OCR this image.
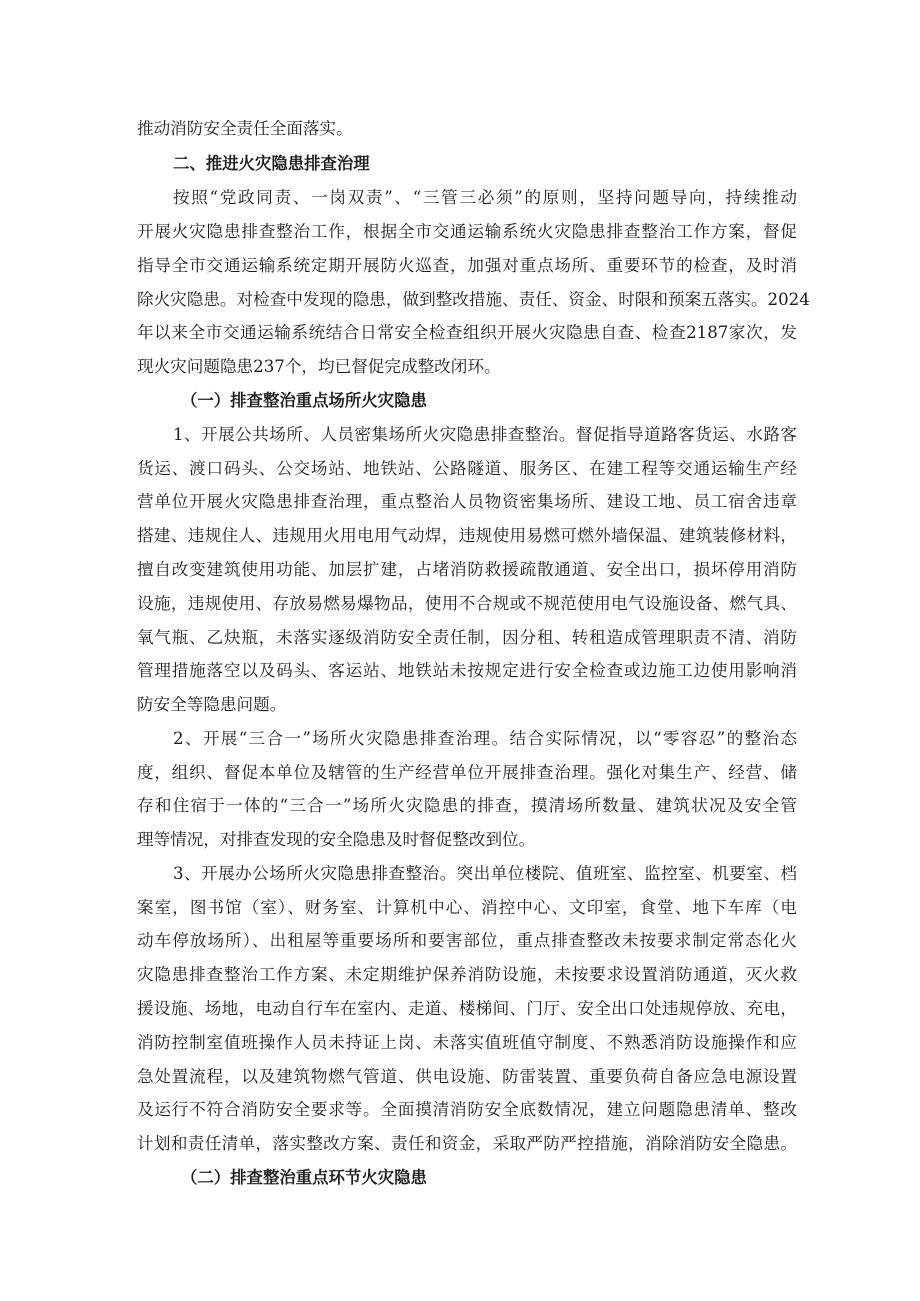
推动消防安全责任全面落实。
二、推进火灾隐患排查治理
按照“党政同责、一岗双责”、“三管三必须”的原则，坚持问题导向，持续推动
开展火灾隐患排查整治工作，根据全市交通运输系统火灾隐患排查整治工作方案，督促
指导全市交通运输系统定期开展防火巡查，加强对重点场所、重要环节的检查，及时消
除火灾隐患。对检查中发现的隐患，做到整改措施、责任、资金、时限和预案五落实。2024
年以来全市交通运输系统结合日常安全检查组织开展火灾隐患自查、检查2187家次，发
现火灾问题隐患237个，均已督促完成整改闭环。
（一）排查整治重点场所火灾隐患
1、开展公共场所、人员密集场所火灾隐患排查整治。督促指导道路客货运、水路客
货运、渡口码头、公交场站、地铁站、公路隧道、服务区、在建工程等交通运输生产经
营单位开展火灾隐患排查治理，重点整治人员物资密集场所、建设工地、员工宿舍违章
搭建、违规住人、违规用火用电用气动焊，违规使用易燃可燃外墙保温、建筑装修材料，
擅自改变建筑使用功能、加层扩建，占堵消防救援疏散通道、安全出口，损坏停用消防
设施，违规使用、存放易燃易爆物品，使用不合规或不规范使用电气设施设备、燃气具、
氧气瓶、乙炔瓶，未落实逐级消防安全责任制，因分租、转租造成管理职责不清、消防
管理措施落空以及码头、客运站、地铁站未按规定进行安全检查或边施工边使用影响消
防安全等隐患问题。
2、开展“三合一”场所火灾隐患排查治理。结合实际情况，以“零容忍”的整治态
度，组织、督促本单位及辖管的生产经营单位开展排查治理。强化对集生产、经营、储
存和住宿于一体的“三合一”场所火灾隐患的排查，摸清场所数量、建筑状况及安全管
理等情况，对排查发现的安全隐患及时督促整改到位。
3、开展办公场所火灾隐患排查整治。突出单位楼院、值班室、监控室、机要室、档
案室，图书馆（室）、财务室、计算机中心、消控中心、文印室，食堂、地下车库（电
动车停放场所）、出租屋等重要场所和要害部位，重点排查整改未按要求制定常态化火
灾隐患排查整治工作方案、未定期维护保养消防设施，未按要求设置消防通道，灭火救
援设施、场地，电动自行车在室内、走道、楼梯间、门厅、安全出口处违规停放、充电，
消防控制室值班操作人员未持证上岗、未落实值班值守制度、不熟悉消防设施操作和应
急处置流程，以及建筑物燃气管道、供电设施、防雷装置、重要负荷自备应急电源设置
及运行不符合消防安全要求等。全面摸清消防安全底数情况，建立问题隐患清单、整改
计划和责任清单，落实整改方案、责任和资金，采取严防严控措施，消除消防安全隐患。
（二）排查整治重点环节火灾隐患
